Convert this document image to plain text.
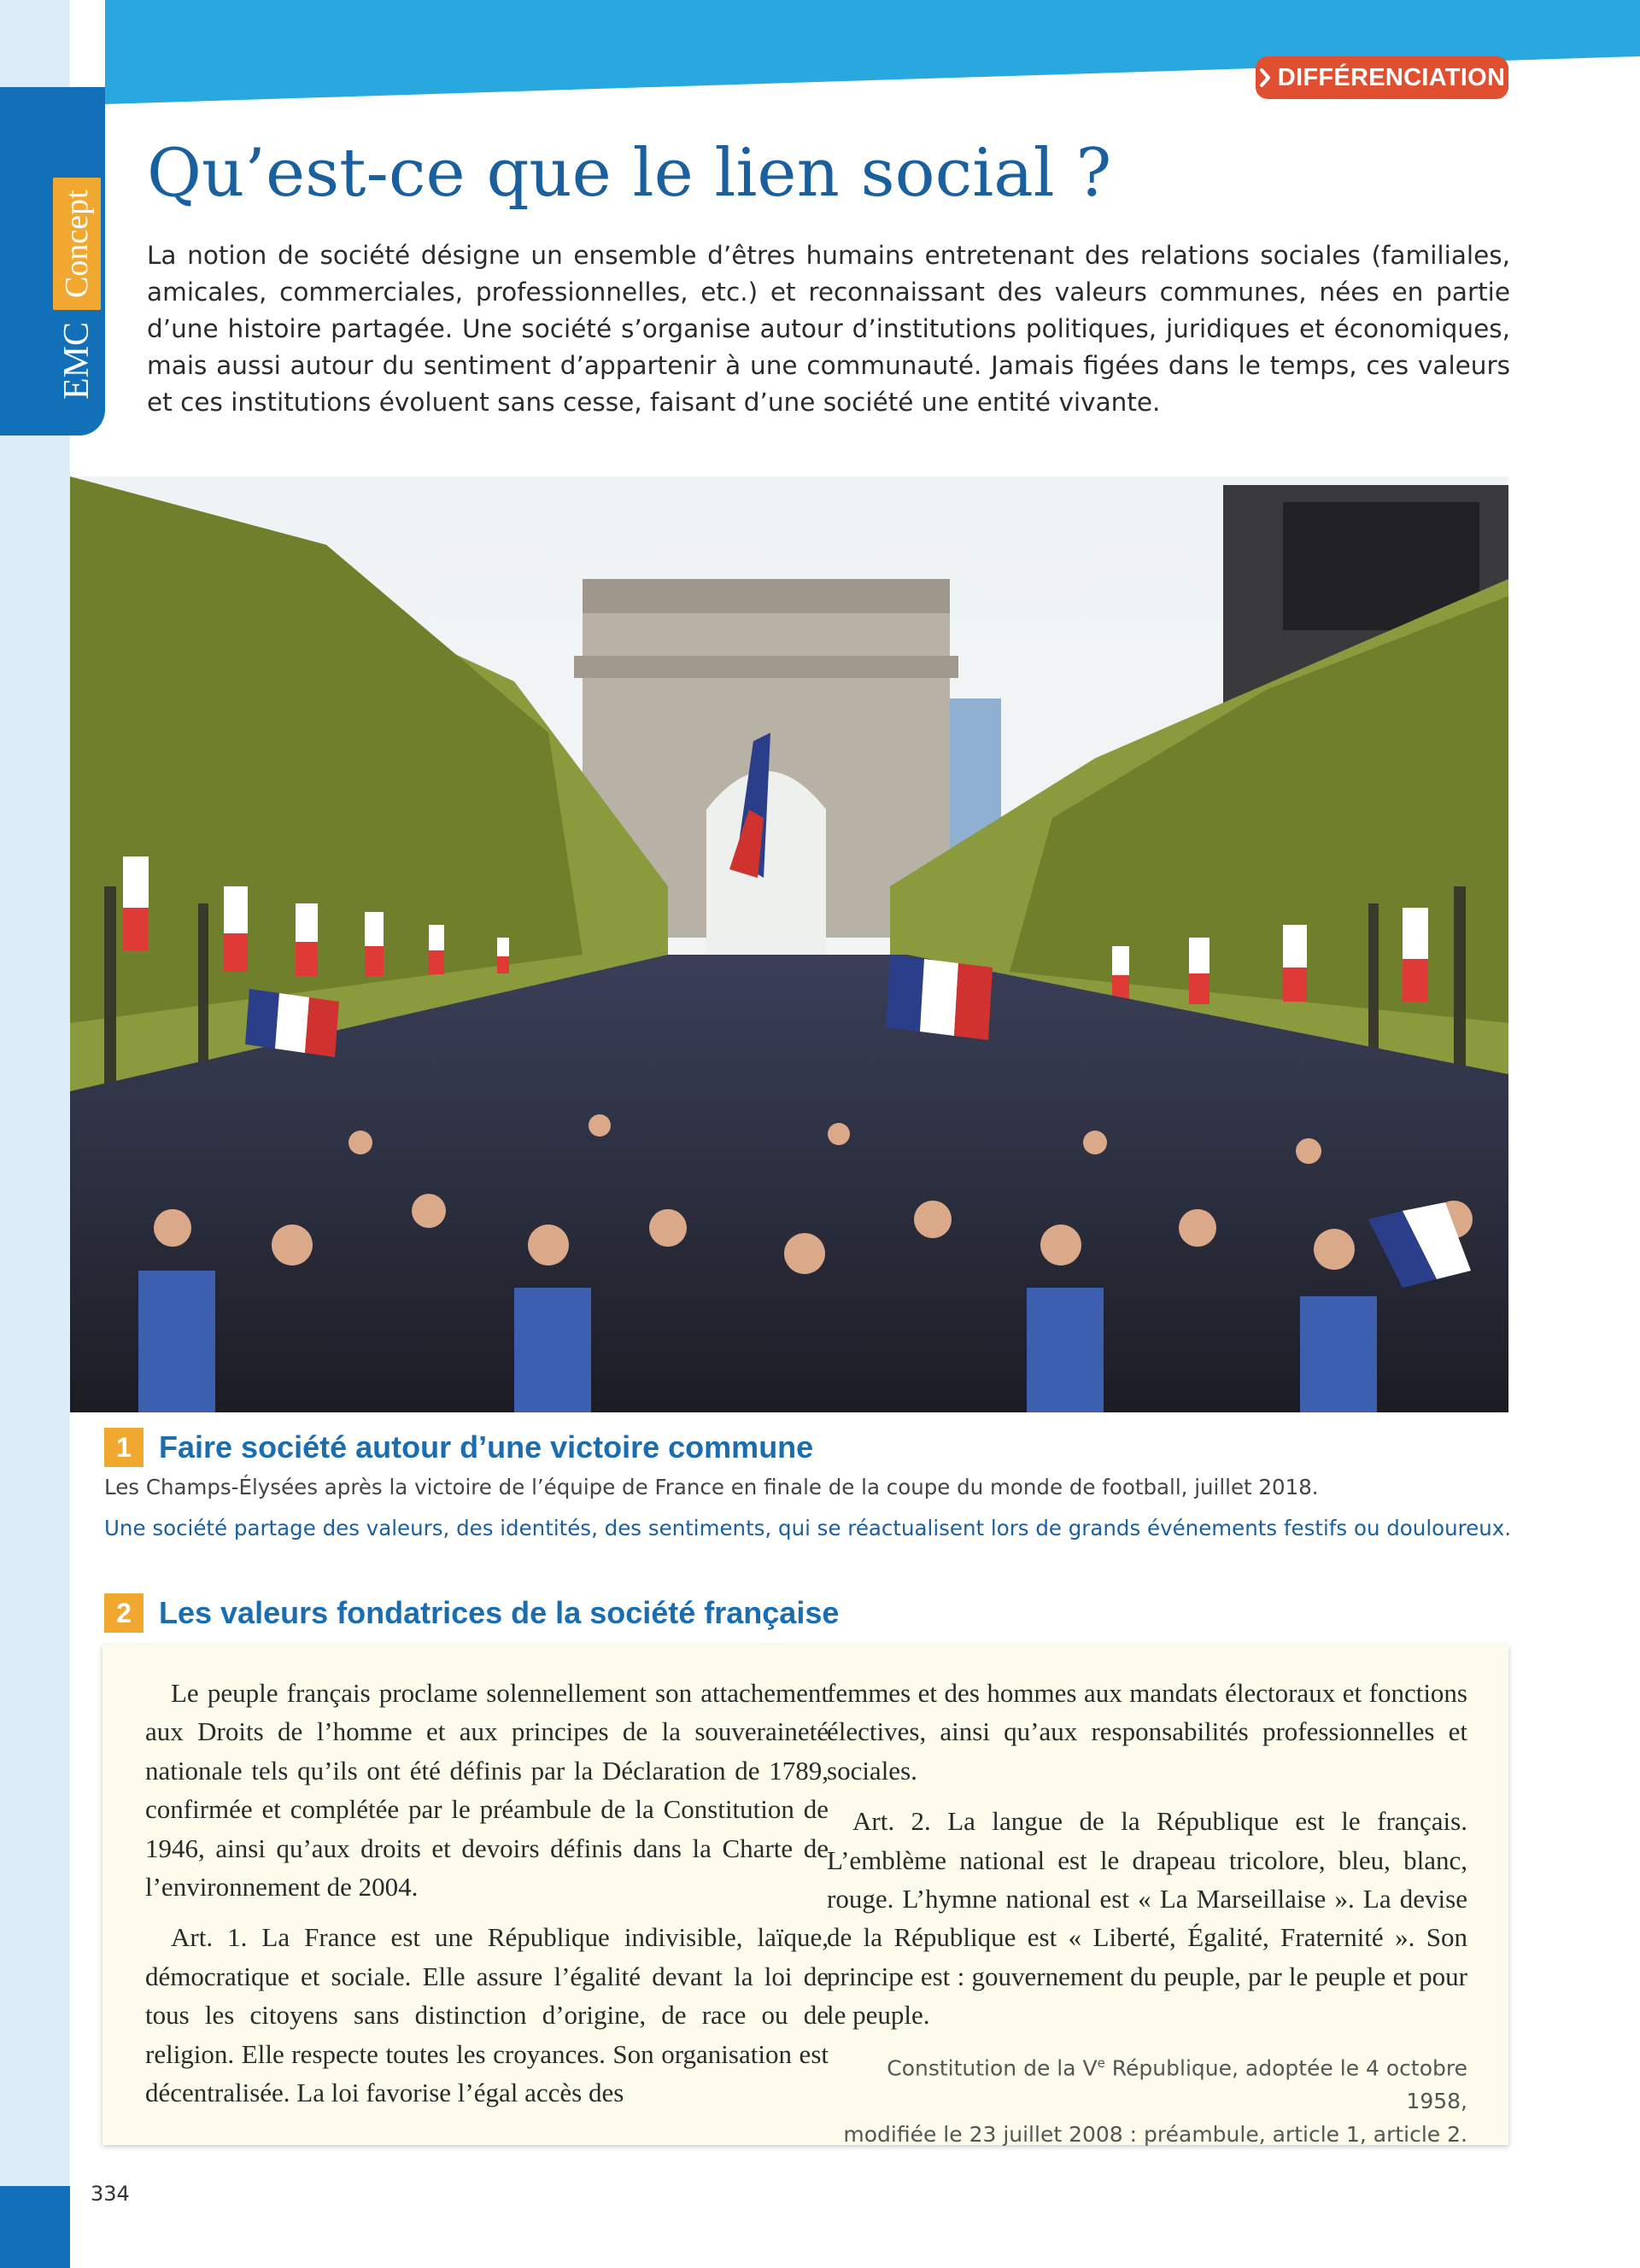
EMC
Concept
DIFFÉRENCIATION
Qu’est-ce que le lien social ?

La notion de société désigne un ensemble d’êtres humains entretenant des relations sociales (familiales, amicales, commerciales, professionnelles, etc.) et reconnaissant des valeurs communes, nées en partie d’une histoire partagée. Une société s’organise autour d’institutions politiques, juridiques et économiques, mais aussi autour du sentiment d’appartenir à une communauté. Jamais figées dans le temps, ces valeurs et ces institutions évoluent sans cesse, faisant d’une société une entité vivante.

1 Faire société autour d’une victoire commune
Les Champs-Élysées après la victoire de l’équipe de France en finale de la coupe du monde de football, juillet 2018.
Une société partage des valeurs, des identités, des sentiments, qui se réactualisent lors de grands événements festifs ou douloureux.
2 Les valeurs fondatrices de la société française

Le peuple français proclame solennellement son attachement aux Droits de l’homme et aux principes de la souveraineté nationale tels qu’ils ont été définis par la Déclaration de 1789, confirmée et complétée par le préambule de la Constitution de 1946, ainsi qu’aux droits et devoirs définis dans la Charte de l’environnement de 2004.

Art. 1. La France est une République indivisible, laïque, démocratique et sociale. Elle assure l’égalité devant la loi de tous les citoyens sans distinction d’origine, de race ou de religion. Elle respecte toutes les croyances. Son organisation est décentralisée. La loi favorise l’égal accès des

femmes et des hommes aux mandats électoraux et fonctions électives, ainsi qu’aux responsabilités professionnelles et sociales.

Art. 2. La langue de la République est le français. L’emblème national est le drapeau tricolore, bleu, blanc, rouge. L’hymne national est « La Marseillaise ». La devise de la République est « Liberté, Égalité, Fraternité ». Son principe est : gouvernement du peuple, par le peuple et pour le peuple.

Constitution de la Ve République, adoptée le 4 octobre 1958,
modifiée le 23 juillet 2008 : préambule, article 1, article 2.
334
